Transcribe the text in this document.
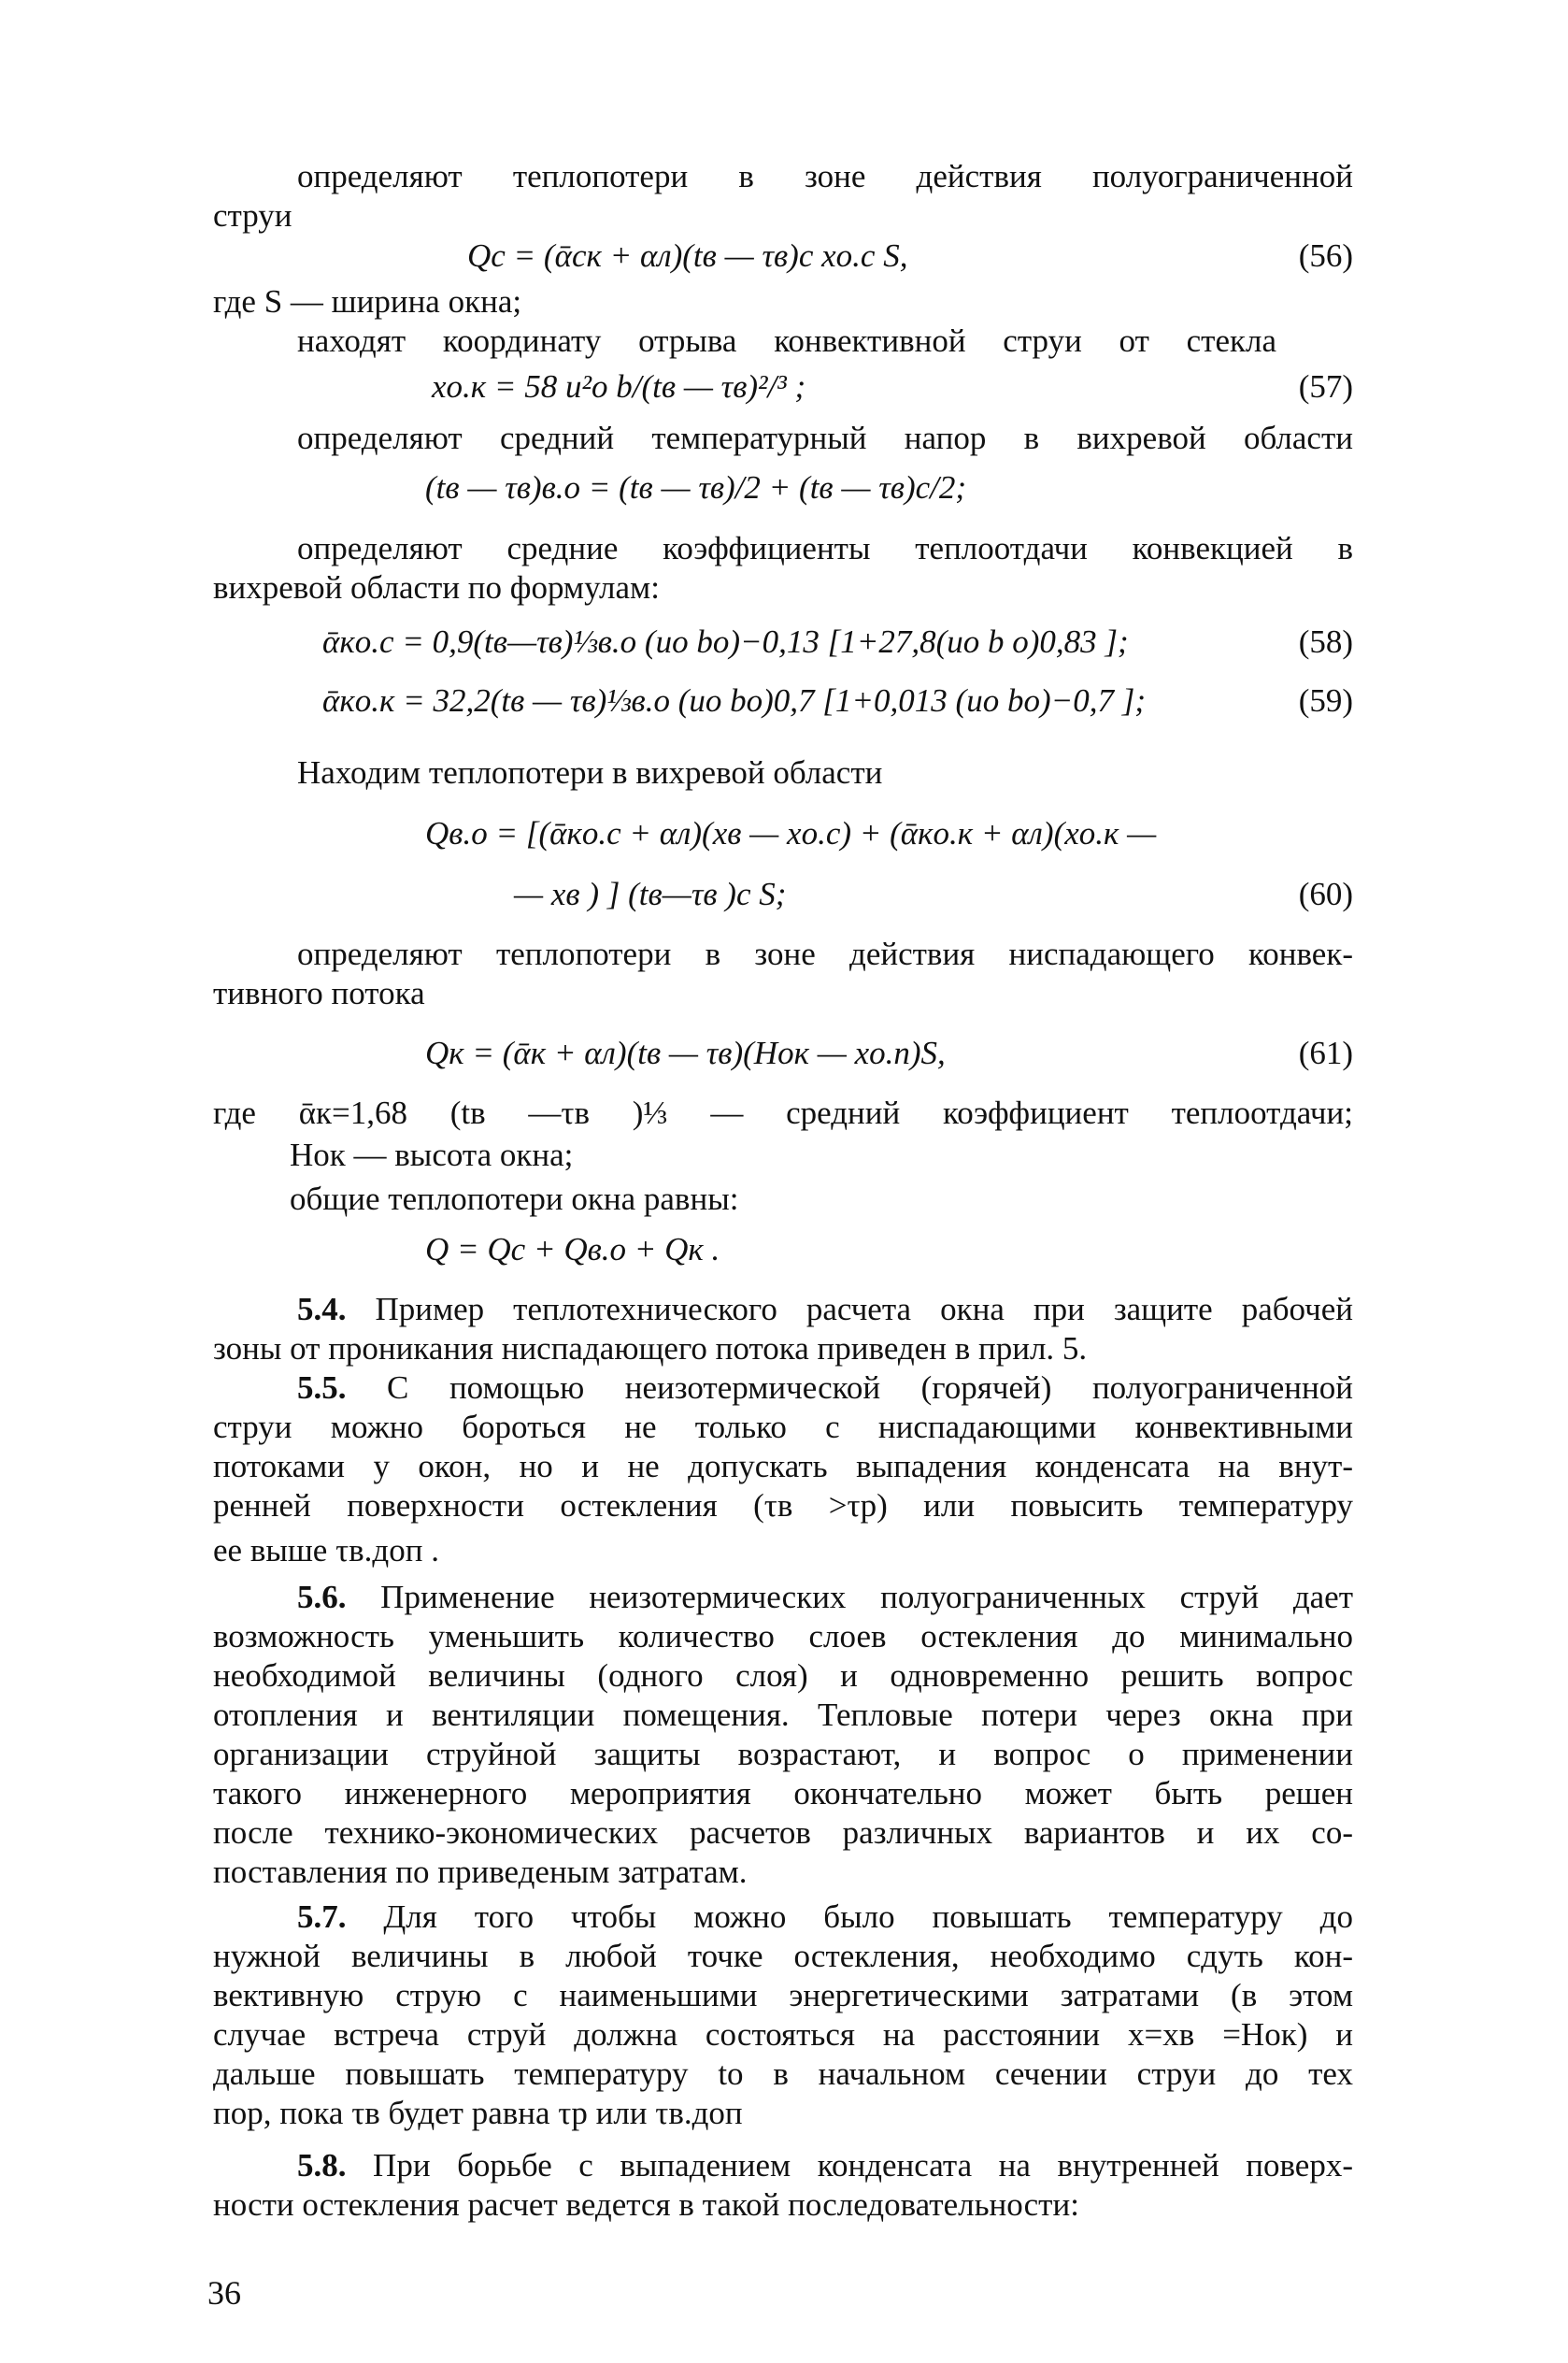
определяют теплопотери в зоне действия полуограниченной
струи
Qc = (ᾱcк + αл)(tв — τв)c xо.с S,	(56)
где S — ширина окна;
находят координату отрыва конвективной струи от стекла
xо.к = 58 u²o b/(tв — τв)²/³ ;	(57)
определяют средний температурный напор в вихревой области
(tв — τв)в.о = (tв — τв)/2 + (tв — τв)c/2;
определяют средние коэффициенты теплоотдачи конвекцией в
вихревой области по формулам:
ᾱкo.c = 0,9(tв—τв)⅓в.о (uo bo)−0,13 [1+27,8(uo b o)0,83 ];	(58)
ᾱкo.к = 32,2(tв — τв)⅓в.о (uo bo)0,7 [1+0,013 (uo bo)−0,7 ];	(59)
Находим теплопотери в вихревой области
Qв.о = [(ᾱкo.c + αл)(xв — xо.с) + (ᾱкo.к + αл)(xо.к —
— xв ) ] (tв—τв )c S;	(60)
определяют теплопотери в зоне действия ниспадающего конвек-
тивного потока
Qк = (ᾱк + αл)(tв — τв)(Hок — xо.п)S,	(61)
где ᾱк=1,68 (tв —τв )⅓ — средний коэффициент теплоотдачи;
Hок — высота окна;
общие теплопотери окна равны:
Q = Qc + Qв.о + Qк .
5.4. Пример теплотехнического расчета окна при защите рабочей
зоны от проникания ниспадающего потока приведен в прил. 5.
5.5. С помощью неизотермической (горячей) полуограниченной
струи можно бороться не только с ниспадающими конвективными
потоками у окон, но и не допускать выпадения конденсата на внут-
ренней поверхности остекления (τв >τр) или повысить температуру
ее выше τв.доп .
5.6. Применение неизотермических полуограниченных струй дает
возможность уменьшить количество слоев остекления до минимально
необходимой величины (одного слоя) и одновременно решить вопрос
отопления и вентиляции помещения. Тепловые потери через окна при
организации струйной защиты возрастают, и вопрос о применении
такого инженерного мероприятия окончательно может быть решен
после технико-экономических расчетов различных вариантов и их со-
поставления по приведеным затратам.
5.7. Для того чтобы можно было повышать температуру до
нужной величины в любой точке остекления, необходимо сдуть кон-
вективную струю с наименьшими энергетическими затратами (в этом
случае встреча струй должна состояться на расстоянии x=xв =Hок) и
дальше повышать температуру to в начальном сечении струи до тех
пор, пока τв будет равна τр или τв.доп
5.8. При борьбе с выпадением конденсата на внутренней поверх-
ности остекления расчет ведется в такой последовательности:
36
